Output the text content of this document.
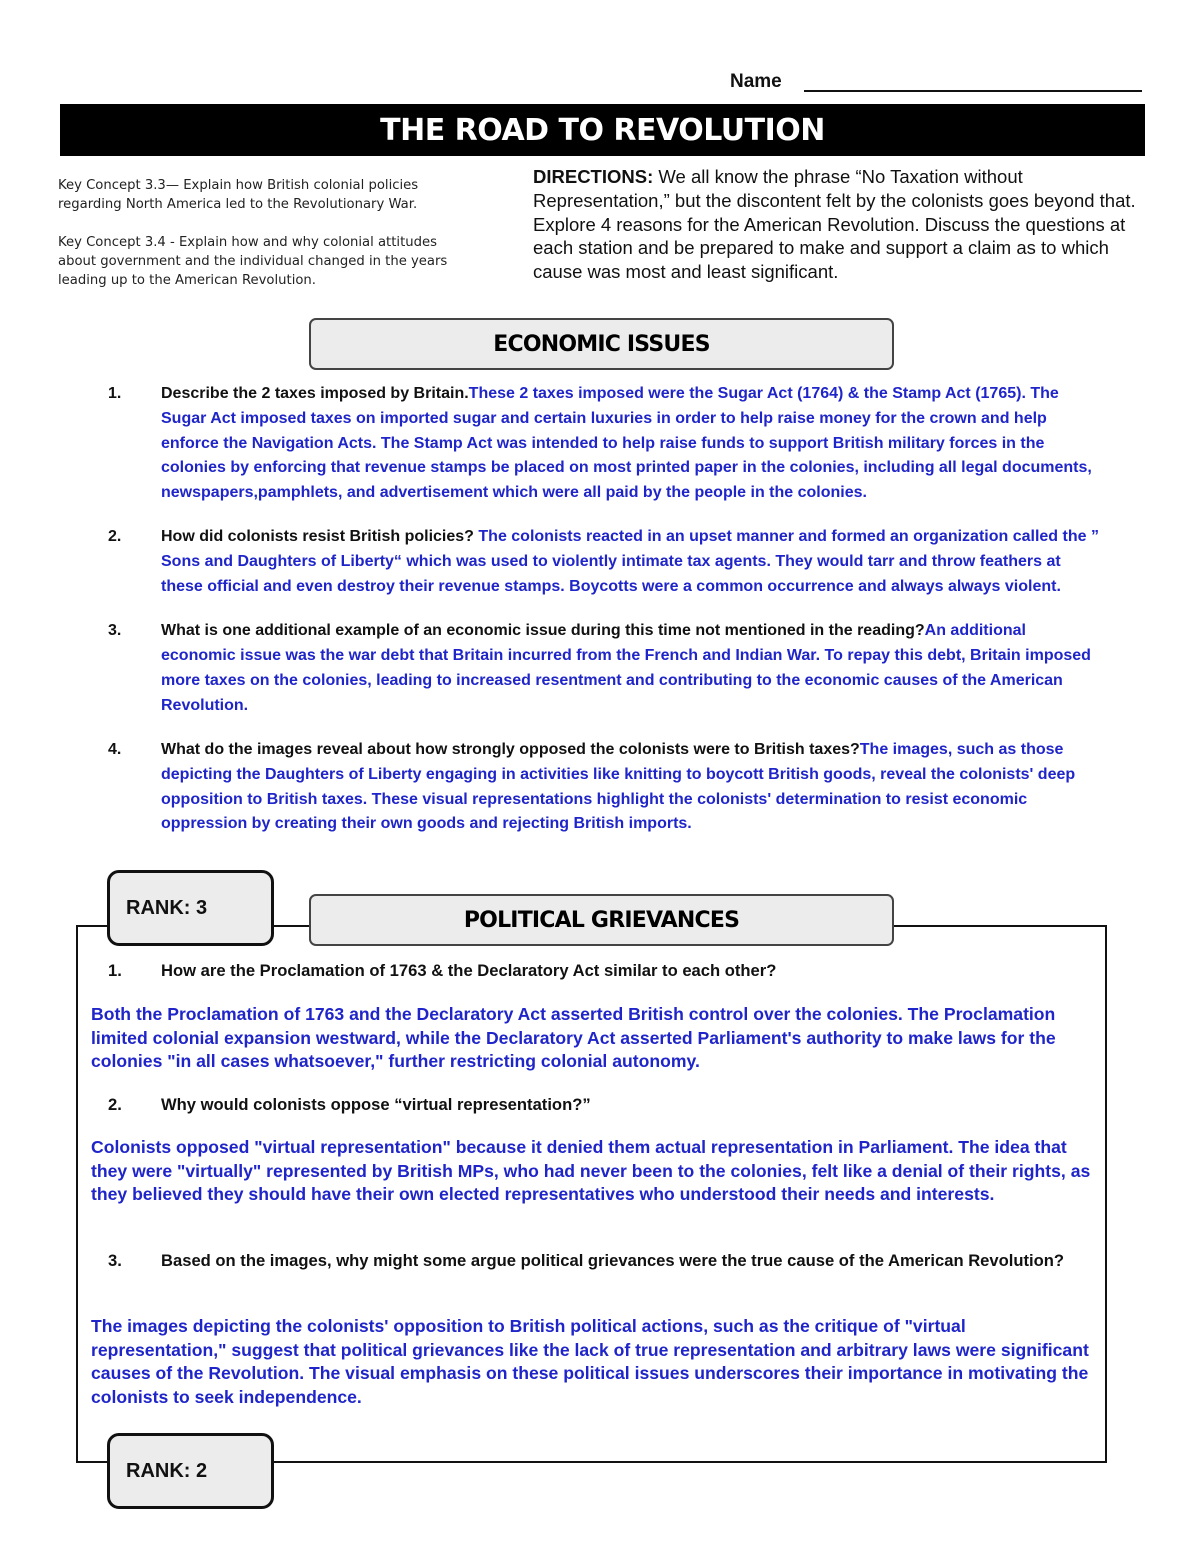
Name
THE ROAD TO REVOLUTION

Key Concept 3.3— Explain how British colonial policies regarding North America led to the Revolutionary War.

Key Concept 3.4 - Explain how and why colonial attitudes about government and the individual changed in the years leading up to the American Revolution.

DIRECTIONS: We all know the phrase “No Taxation without Representation,” but the discontent felt by the colonists goes beyond that. Explore 4 reasons for the American Revolution. Discuss the questions at each station and be prepared to make and support a claim as to which cause was most and least significant.
ECONOMIC ISSUES
1. Describe the 2 taxes imposed by Britain.These 2 taxes imposed were the Sugar Act (1764) & the Stamp Act (1765). The Sugar Act imposed taxes on imported sugar and certain luxuries in order to help raise money for the crown and help enforce the Navigation Acts. The Stamp Act was intended to help raise funds to support British military forces in the colonies by enforcing that revenue stamps be placed on most printed paper in the colonies, including all legal documents, newspapers,pamphlets, and advertisement which were all paid by the people in the colonies.
2. How did colonists resist British policies? The colonists reacted in an upset manner and formed an organization called the ” Sons and Daughters of Liberty“ which was used to violently intimate tax agents. They would tarr and throw feathers at these official and even destroy their revenue stamps. Boycotts were a common occurrence and always always violent.
3. What is one additional example of an economic issue during this time not mentioned in the reading?An additional economic issue was the war debt that Britain incurred from the French and Indian War. To repay this debt, Britain imposed more taxes on the colonies, leading to increased resentment and contributing to the economic causes of the American Revolution.
4. What do the images reveal about how strongly opposed the colonists were to British taxes?The images, such as those depicting the Daughters of Liberty engaging in activities like knitting to boycott British goods, reveal the colonists' deep opposition to British taxes. These visual representations highlight the colonists' determination to resist economic oppression by creating their own goods and rejecting British imports.
POLITICAL GRIEVANCES
RANK: 3
1. How are the Proclamation of 1763 & the Declaratory Act similar to each other?
Both the Proclamation of 1763 and the Declaratory Act asserted British control over the colonies. The Proclamation limited colonial expansion westward, while the Declaratory Act asserted Parliament's authority to make laws for the colonies "in all cases whatsoever," further restricting colonial autonomy.
2. Why would colonists oppose “virtual representation?”
Colonists opposed "virtual representation" because it denied them actual representation in Parliament. The idea that they were "virtually" represented by British MPs, who had never been to the colonies, felt like a denial of their rights, as they believed they should have their own elected representatives who understood their needs and interests.
3. Based on the images, why might some argue political grievances were the true cause of the American Revolution?
The images depicting the colonists' opposition to British political actions, such as the critique of "virtual representation," suggest that political grievances like the lack of true representation and arbitrary laws were significant causes of the Revolution. The visual emphasis on these political issues underscores their importance in motivating the colonists to seek independence.
RANK: 2
